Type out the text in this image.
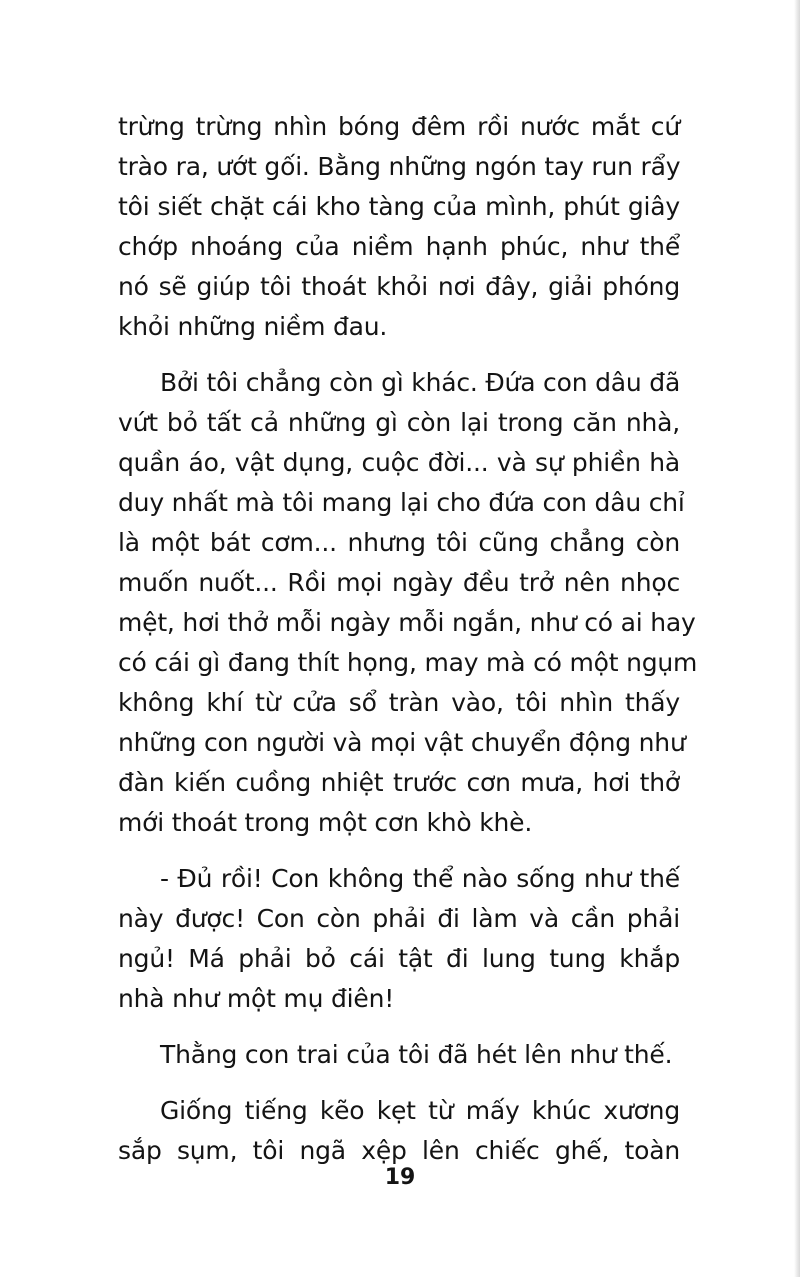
trừng trừng nhìn bóng đêm rồi nước mắt cứ
trào ra, ướt gối. Bằng những ngón tay run rẩy
tôi siết chặt cái kho tàng của mình, phút giây
chớp nhoáng của niềm hạnh phúc, như thể
nó sẽ giúp tôi thoát khỏi nơi đây, giải phóng
khỏi những niềm đau.
Bởi tôi chẳng còn gì khác. Đứa con dâu đã
vứt bỏ tất cả những gì còn lại trong căn nhà,
quần áo, vật dụng, cuộc đời... và sự phiền hà
duy nhất mà tôi mang lại cho đứa con dâu chỉ
là một bát cơm... nhưng tôi cũng chẳng còn
muốn nuốt... Rồi mọi ngày đều trở nên nhọc
mệt, hơi thở mỗi ngày mỗi ngắn, như có ai hay
có cái gì đang thít họng, may mà có một ngụm
không khí từ cửa sổ tràn vào, tôi nhìn thấy
những con người và mọi vật chuyển động như
đàn kiến cuồng nhiệt trước cơn mưa, hơi thở
mới thoát trong một cơn khò khè.
- Đủ rồi! Con không thể nào sống như thế
này được! Con còn phải đi làm và cần phải
ngủ! Má phải bỏ cái tật đi lung tung khắp
nhà như một mụ điên!
Thằng con trai của tôi đã hét lên như thế.
Giống tiếng kẽo kẹt từ mấy khúc xương
sắp sụm, tôi ngã xệp lên chiếc ghế, toàn
19
